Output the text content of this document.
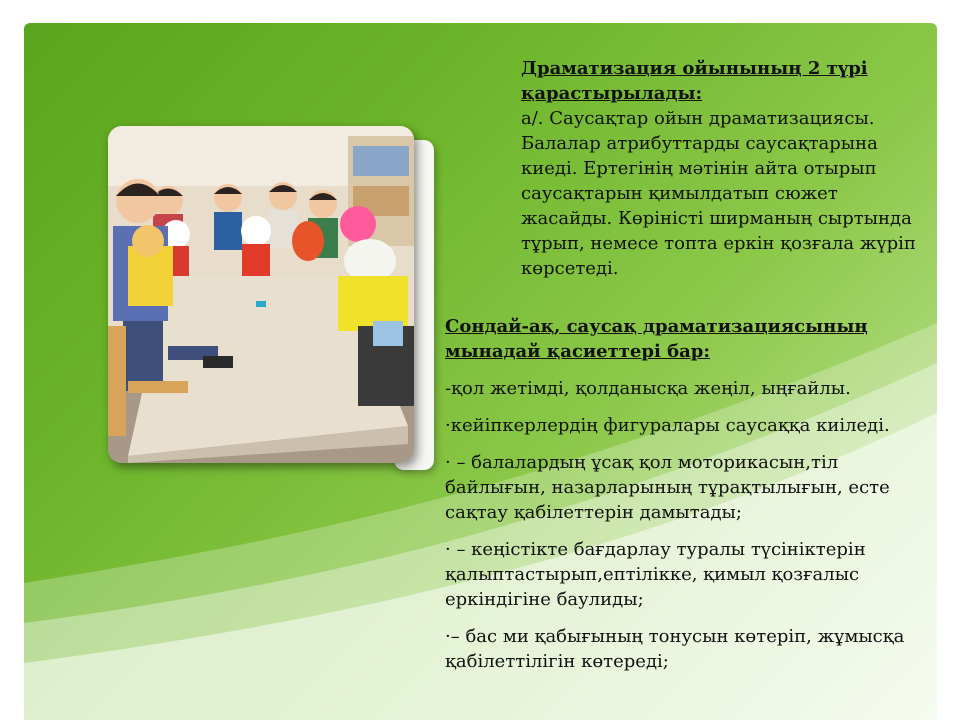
Драматизация ойынының 2 түрі қарастырылады:
а/. Саусақтар ойын драматизациясы. Балалар атрибуттарды саусақтарына киеді. Ертегінің мәтінін айта отырып саусақтарын қимылдатып сюжет жасайды. Көріністі ширманың сыртында тұрып, немесе топта еркін қозғала жүріп көрсетеді.

Сондай-ақ, саусақ драматизациясының мынадай қасиеттері бар:

-қол жетімді, қолданысқа жеңіл, ыңғайлы.

·кейіпкерлердің фигуралары саусаққа киіледі.

· – балалардың ұсақ қол моторикасын,тіл байлығын, назарларының тұрақтылығын, есте сақтау қабілеттерін дамытады;

· – кеңістікте бағдарлау туралы түсініктерін қалыптастырып,ептілікке, қимыл қозғалыс еркіндігіне баулиды;

·– бас ми қабығының тонусын көтеріп, жұмысқа қабілеттілігін көтереді;
